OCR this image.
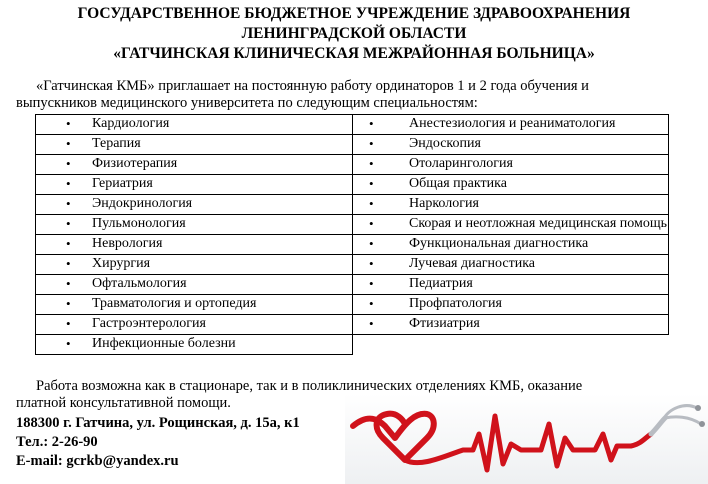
ГОСУДАРСТВЕННОЕ БЮДЖЕТНОЕ УЧРЕЖДЕНИЕ ЗДРАВООХРАНЕНИЯ
ЛЕНИНГРАДСКОЙ ОБЛАСТИ
«ГАТЧИНСКАЯ КЛИНИЧЕСКАЯ МЕЖРАЙОННАЯ БОЛЬНИЦА»
«Гатчинская КМБ» приглашает на постоянную работу ординаторов 1 и 2 года обучения и
выпускников медицинского университета по следующим специальностям:
• Кардиология	• Анестезиология и реаниматология

• Терапия	• Эндоскопия

• Физиотерапия	• Отоларингология

• Гериатрия	• Общая практика

• Эндокринология	• Наркология

• Пульмонология	• Скорая и неотложная медицинская помощь

• Неврология	• Функциональная диагностика

• Хирургия	• Лучевая диагностика

• Офтальмология	• Педиатрия

• Травматология и ортопедия	• Профпатология

• Гастроэнтерология	• Фтизиатрия

• Инфекционные болезни	

Работа возможна как в стационаре, так и в поликлинических отделениях КМБ, оказание
платной консультативной помощи.
188300 г. Гатчина, ул. Рощинская, д. 15а, к1
Тел.: 2-26-90
E-mail: gcrkb@yandex.ru
